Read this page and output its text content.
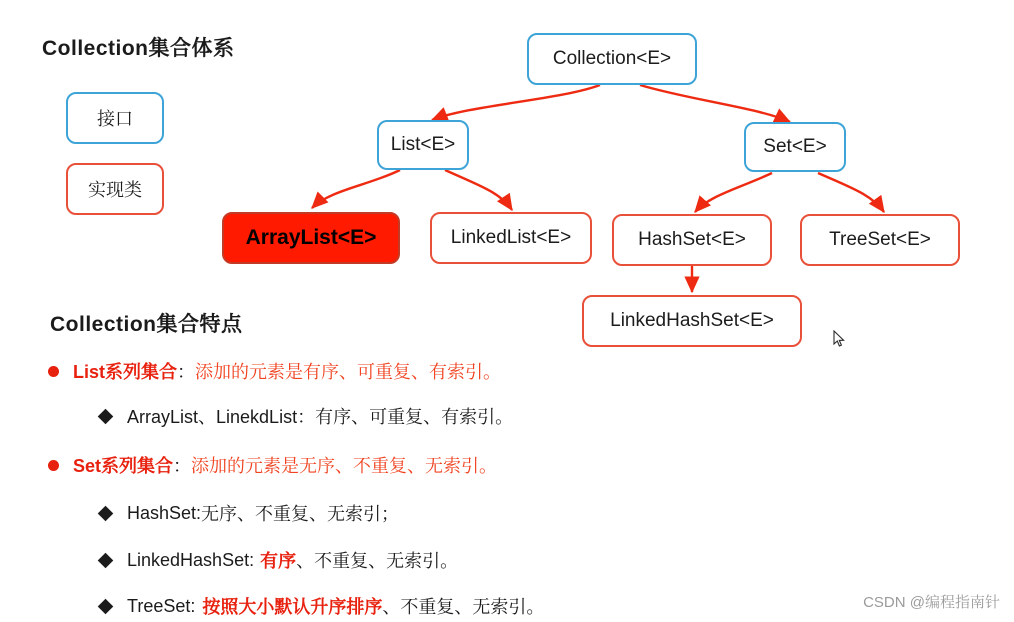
Collection集合体系
Collection集合特点
接口
实现类
Collection<E>
List<E>	Set<E>
ArrayList<E>	LinkedList<E>	HashSet<E>	TreeSet<E>
LinkedHashSet<E>
List系列集合 ： 添加的元素是有序、可重复、有索引。
ArrayList、LinekdList ： 有序、可重复、有索引。
Set系列集合 ： 添加的元素是无序、不重复、无索引。
HashSet: 无序、不重复、无索引；
LinkedHashSet: 有序 、不重复、无索引。
TreeSet: 按照大小默认升序排序 、不重复、无索引。	CSDN @编程指南针
